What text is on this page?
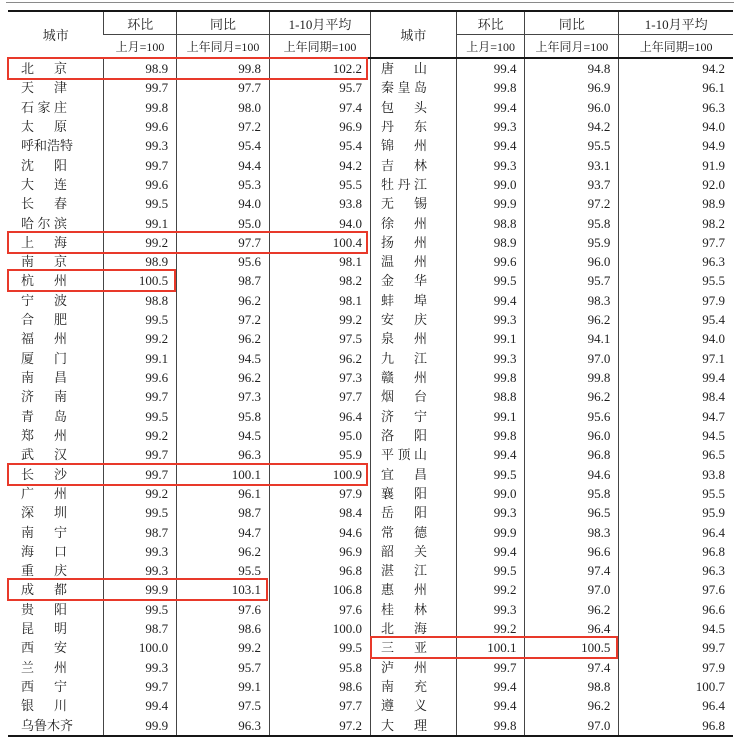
城市	环比	同比	1-10月平均	城市	环比	同比	1-10月平均
	上月=100	上年同月=100	上年同期=100		上月=100	上年同月=100	上年同期=100
北京	98.9	99.8	102.2	唐山	99.4	94.8	94.2
天津	99.7	97.7	95.7	秦皇岛	99.8	96.9	96.1
石家庄	99.8	98.0	97.4	包头	99.4	96.0	96.3
太原	99.6	97.2	96.9	丹东	99.3	94.2	94.0
呼和浩特	99.3	95.4	95.4	锦州	99.4	95.5	94.9
沈阳	99.7	94.4	94.2	吉林	99.3	93.1	91.9
大连	99.6	95.3	95.5	牡丹江	99.0	93.7	92.0
长春	99.5	94.0	93.8	无锡	99.9	97.2	98.9
哈尔滨	99.1	95.0	94.0	徐州	98.8	95.8	98.2
上海	99.2	97.7	100.4	扬州	98.9	95.9	97.7
南京	98.9	95.6	98.1	温州	99.6	96.0	96.3
杭州	100.5	98.7	98.2	金华	99.5	95.7	95.5
宁波	98.8	96.2	98.1	蚌埠	99.4	98.3	97.9
合肥	99.5	97.2	99.2	安庆	99.3	96.2	95.4
福州	99.2	96.2	97.5	泉州	99.1	94.1	94.0
厦门	99.1	94.5	96.2	九江	99.3	97.0	97.1
南昌	99.6	96.2	97.3	赣州	99.8	99.8	99.4
济南	99.7	97.3	97.7	烟台	98.8	96.2	98.4
青岛	99.5	95.8	96.4	济宁	99.1	95.6	94.7
郑州	99.2	94.5	95.0	洛阳	99.8	96.0	94.5
武汉	99.7	96.3	95.9	平顶山	99.4	96.8	96.5
长沙	99.7	100.1	100.9	宜昌	99.5	94.6	93.8
广州	99.2	96.1	97.9	襄阳	99.0	95.8	95.5
深圳	99.5	98.7	98.4	岳阳	99.3	96.5	95.9
南宁	98.7	94.7	94.6	常德	99.9	98.3	96.4
海口	99.3	96.2	96.9	韶关	99.4	96.6	96.8
重庆	99.3	95.5	96.8	湛江	99.5	97.4	96.3
成都	99.9	103.1	106.8	惠州	99.2	97.0	97.6
贵阳	99.5	97.6	97.6	桂林	99.3	96.2	96.6
昆明	98.7	98.6	100.0	北海	99.2	96.4	94.5
西安	100.0	99.2	99.5	三亚	100.1	100.5	99.7
兰州	99.3	95.7	95.8	泸州	99.7	97.4	97.9
西宁	99.7	99.1	98.6	南充	99.4	98.8	100.7
银川	99.4	97.5	97.7	遵义	99.4	96.2	96.4
乌鲁木齐	99.9	96.3	97.2	大理	99.8	97.0	96.8
